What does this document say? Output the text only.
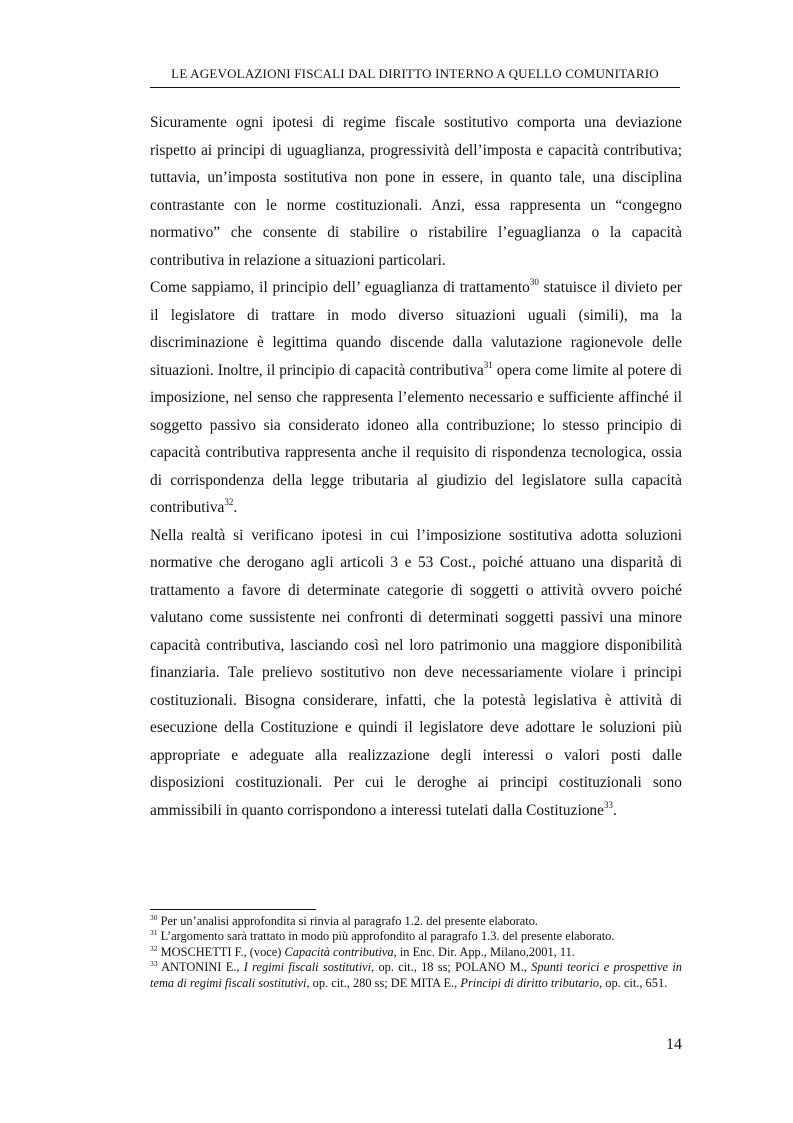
LE AGEVOLAZIONI FISCALI DAL DIRITTO INTERNO A QUELLO COMUNITARIO

Sicuramente ogni ipotesi di regime fiscale sostitutivo comporta una deviazione rispetto ai principi di uguaglianza, progressività dell’imposta e capacità contributiva; tuttavia, un’imposta sostitutiva non pone in essere, in quanto tale, una disciplina contrastante con le norme costituzionali. Anzi, essa rappresenta un “congegno normativo” che consente di stabilire o ristabilire l’eguaglianza o la capacità contributiva in relazione a situazioni particolari.

Come sappiamo, il principio dell’ eguaglianza di trattamento$^{30}$ statuisce il divieto per il legislatore di trattare in modo diverso situazioni uguali (simili), ma la discriminazione è legittima quando discende dalla valutazione ragionevole delle situazioni. Inoltre, il principio di capacità contributiva$^{31}$ opera come limite al potere di imposizione, nel senso che rappresenta l’elemento necessario e sufficiente affinché il soggetto passivo sia considerato idoneo alla contribuzione; lo stesso principio di capacità contributiva rappresenta anche il requisito di rispondenza tecnologica, ossia di corrispondenza della legge tributaria al giudizio del legislatore sulla capacità contributiva$^{32}$.

Nella realtà si verificano ipotesi in cui l’imposizione sostitutiva adotta soluzioni normative che derogano agli articoli 3 e 53 Cost., poiché attuano una disparità di trattamento a favore di determinate categorie di soggetti o attività ovvero poiché valutano come sussistente nei confronti di determinati soggetti passivi una minore capacità contributiva, lasciando così nel loro patrimonio una maggiore disponibilità finanziaria. Tale prelievo sostitutivo non deve necessariamente violare i principi costituzionali. Bisogna considerare, infatti, che la potestà legislativa è attività di esecuzione della Costituzione e quindi il legislatore deve adottare le soluzioni più appropriate e adeguate alla realizzazione degli interessi o valori posti dalle disposizioni costituzionali. Per cui le deroghe ai principi costituzionali sono ammissibili in quanto corrispondono a interessi tutelati dalla Costituzione$^{33}$.

$^{30}$ Per un’analisi approfondita si rinvia al paragrafo 1.2. del presente elaborato.

$^{31}$ L’argomento sarà trattato in modo più approfondito al paragrafo 1.3. del presente elaborato.

$^{32}$ MOSCHETTI F., (voce) Capacità contributiva, in Enc. Dir. App., Milano,2001, 11.

$^{33}$ ANTONINI E., I regimi fiscali sostitutivi, op. cit., 18 ss; POLANO M., Spunti teorici e prospettive in tema di regimi fiscali sostitutivi, op. cit., 280 ss; DE MITA E., Principi di diritto tributario, op. cit., 651.

14
